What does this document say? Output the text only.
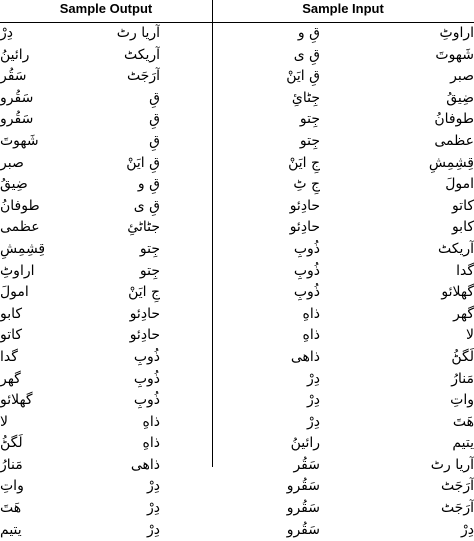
Sample Output	Sample Input
دِرْ
رائینُ
سَقُر
سَقُرو
سَقُرو
شَهوتَ
صبر
ضِیقُ
طوفانُ
عظمی
قِشِمِشِ
اراوٹِ
امولَ
کابو
کاتو
گدا
گھر
گھلائو
لا
لَگڻُ
مَنارُ
واتِ
هَتَ
یتیم
آریا رٹ
آریکٹ
آرَجَٹ
قِ
قِ
قِ
قِ ایَنْ
قِ و
قِ ی
جٹاٹئِ
جِتو
جِتو
جِ ایَنْ
حادِئو
حادِئو
ذُوبِ
ذُوبِ
ذُوبِ
ذاهِ
ذاهِ
ذاهی
دِرْ
دِرْ
دِرْ
قِ و
قِ ی
قِ ایَنْ
جِٹائِ
جِتو
جِتو
جِ ایَنْ
جِ ٹِ
حادِئو
حادِئو
ذُوبِ
ذُوبِ
ذُوبِ
ذاهِ
ذاهِ
ذاهی
دِرْ
دِرْ
دِرْ
رائینُ
سَقُر
سَقُرو
سَقُرو
سَقُرو
اراوٹِ
شَهوتَ
صبر
ضِیقُ
طوفانُ
عظمی
قِشِمِشِ
امولَ
کاتو
کابو
آریکٹ
گدا
گھلائو
گھر
لا
لَگڻُ
مَنارُ
واتِ
هَتَ
یتیم
آریا رٹ
آرَجَٹ
آرَجَٹ
دِرْ
